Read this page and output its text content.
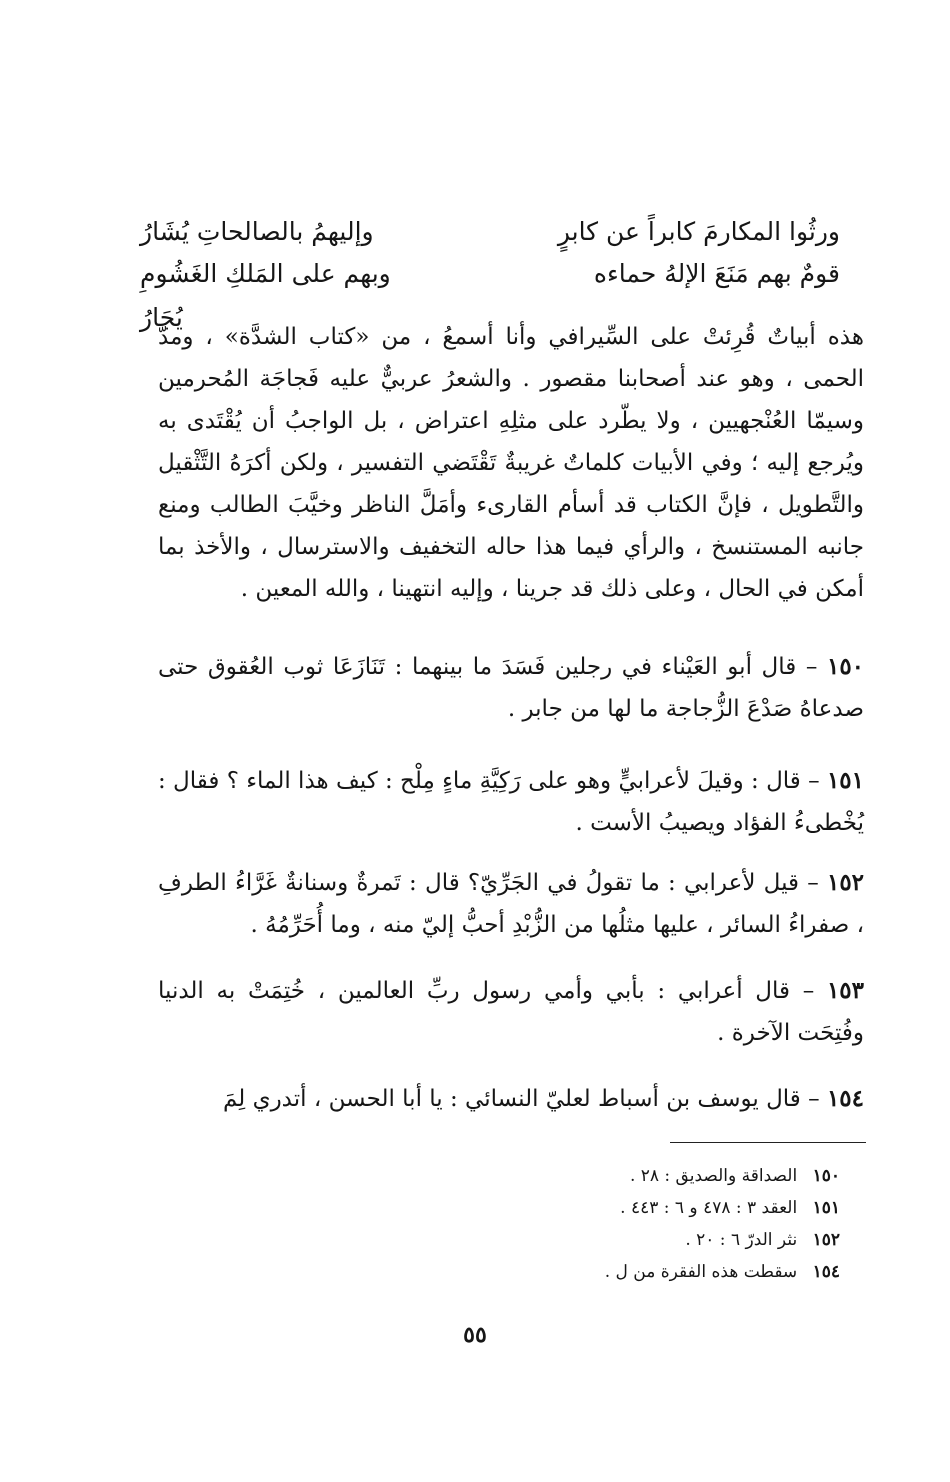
ورثُوا المكارمَ كابراً عن كابرٍ
وإليهمُ بالصالحاتِ يُشَارُ
قومٌ بهم مَنَعَ الإلهُ حماءه
وبهم على المَلكِ الغَشُومِ يُجَارُ
هذه أبياتٌ قُرِئتْ على السِّيرافي وأنا أسمعُ ، من «كتاب الشدَّة» ، ومدَّ الحمى ، وهو عند أصحابنا مقصور . والشعرُ عربيٌّ عليه فَجاجَة المُحرمين وسيمّا العُنْجهيين ، ولا يطّرد على مثلِهِ اعتراض ، بل الواجبُ أن يُقْتَدى به ويُرجع إليه ؛ وفي الأبيات كلماتٌ غريبةٌ تَقْتَضي التفسير ، ولكن أكرَهُ التَّثْقيل والتَّطويل ، فإنَّ الكتاب قد أسأم القارىء وأمَلَّ الناظر وخيَّبَ الطالب ومنع جانبه المستنسخ ، والرأي فيما هذا حاله التخفيف والاسترسال ، والأخذ بما أمكن في الحال ، وعلى ذلك قد جرينا ، وإليه انتهينا ، والله المعين .
١٥٠ – قال أبو العَيْناء في رجلين فَسَدَ ما بينهما : تَنَازَعَا ثوب العُقوق حتى صدعاهُ صَدْعَ الزُّجاجة ما لها من جابر .
١٥١ – قال : وقيلَ لأعرابيٍّ وهو على رَكِيَّةِ ماءٍ مِلْح : كيف هذا الماء ؟ فقال : يُخْطىءُ الفؤاد ويصيبُ الأست .
١٥٢ – قيل لأعرابي : ما تقولُ في الجَرِّيّ؟ قال : تَمرةٌ وسنانةٌ غَرَّاءُ الطرفِ ، صفراءُ السائر ، عليها مثلُها من الزُّبْدِ أحبُّ إليّ منه ، وما أُحَرِّمُهُ .
١٥٣ – قال أعرابي : بأبي وأمي رسول ربِّ العالمين ، خُتِمَتْ به الدنيا وفُتِحَت الآخرة .
١٥٤ – قال يوسف بن أسباط لعليّ النسائي : يا أبا الحسن ، أتدري لِمَ
١٥٠ الصداقة والصديق : ٢٨ .
١٥١ العقد ٣ : ٤٧٨ و ٦ : ٤٤٣ .
١٥٢ نثر الدرّ ٦ : ٢٠ .
١٥٤ سقطت هذه الفقرة من ل .
٥٥
